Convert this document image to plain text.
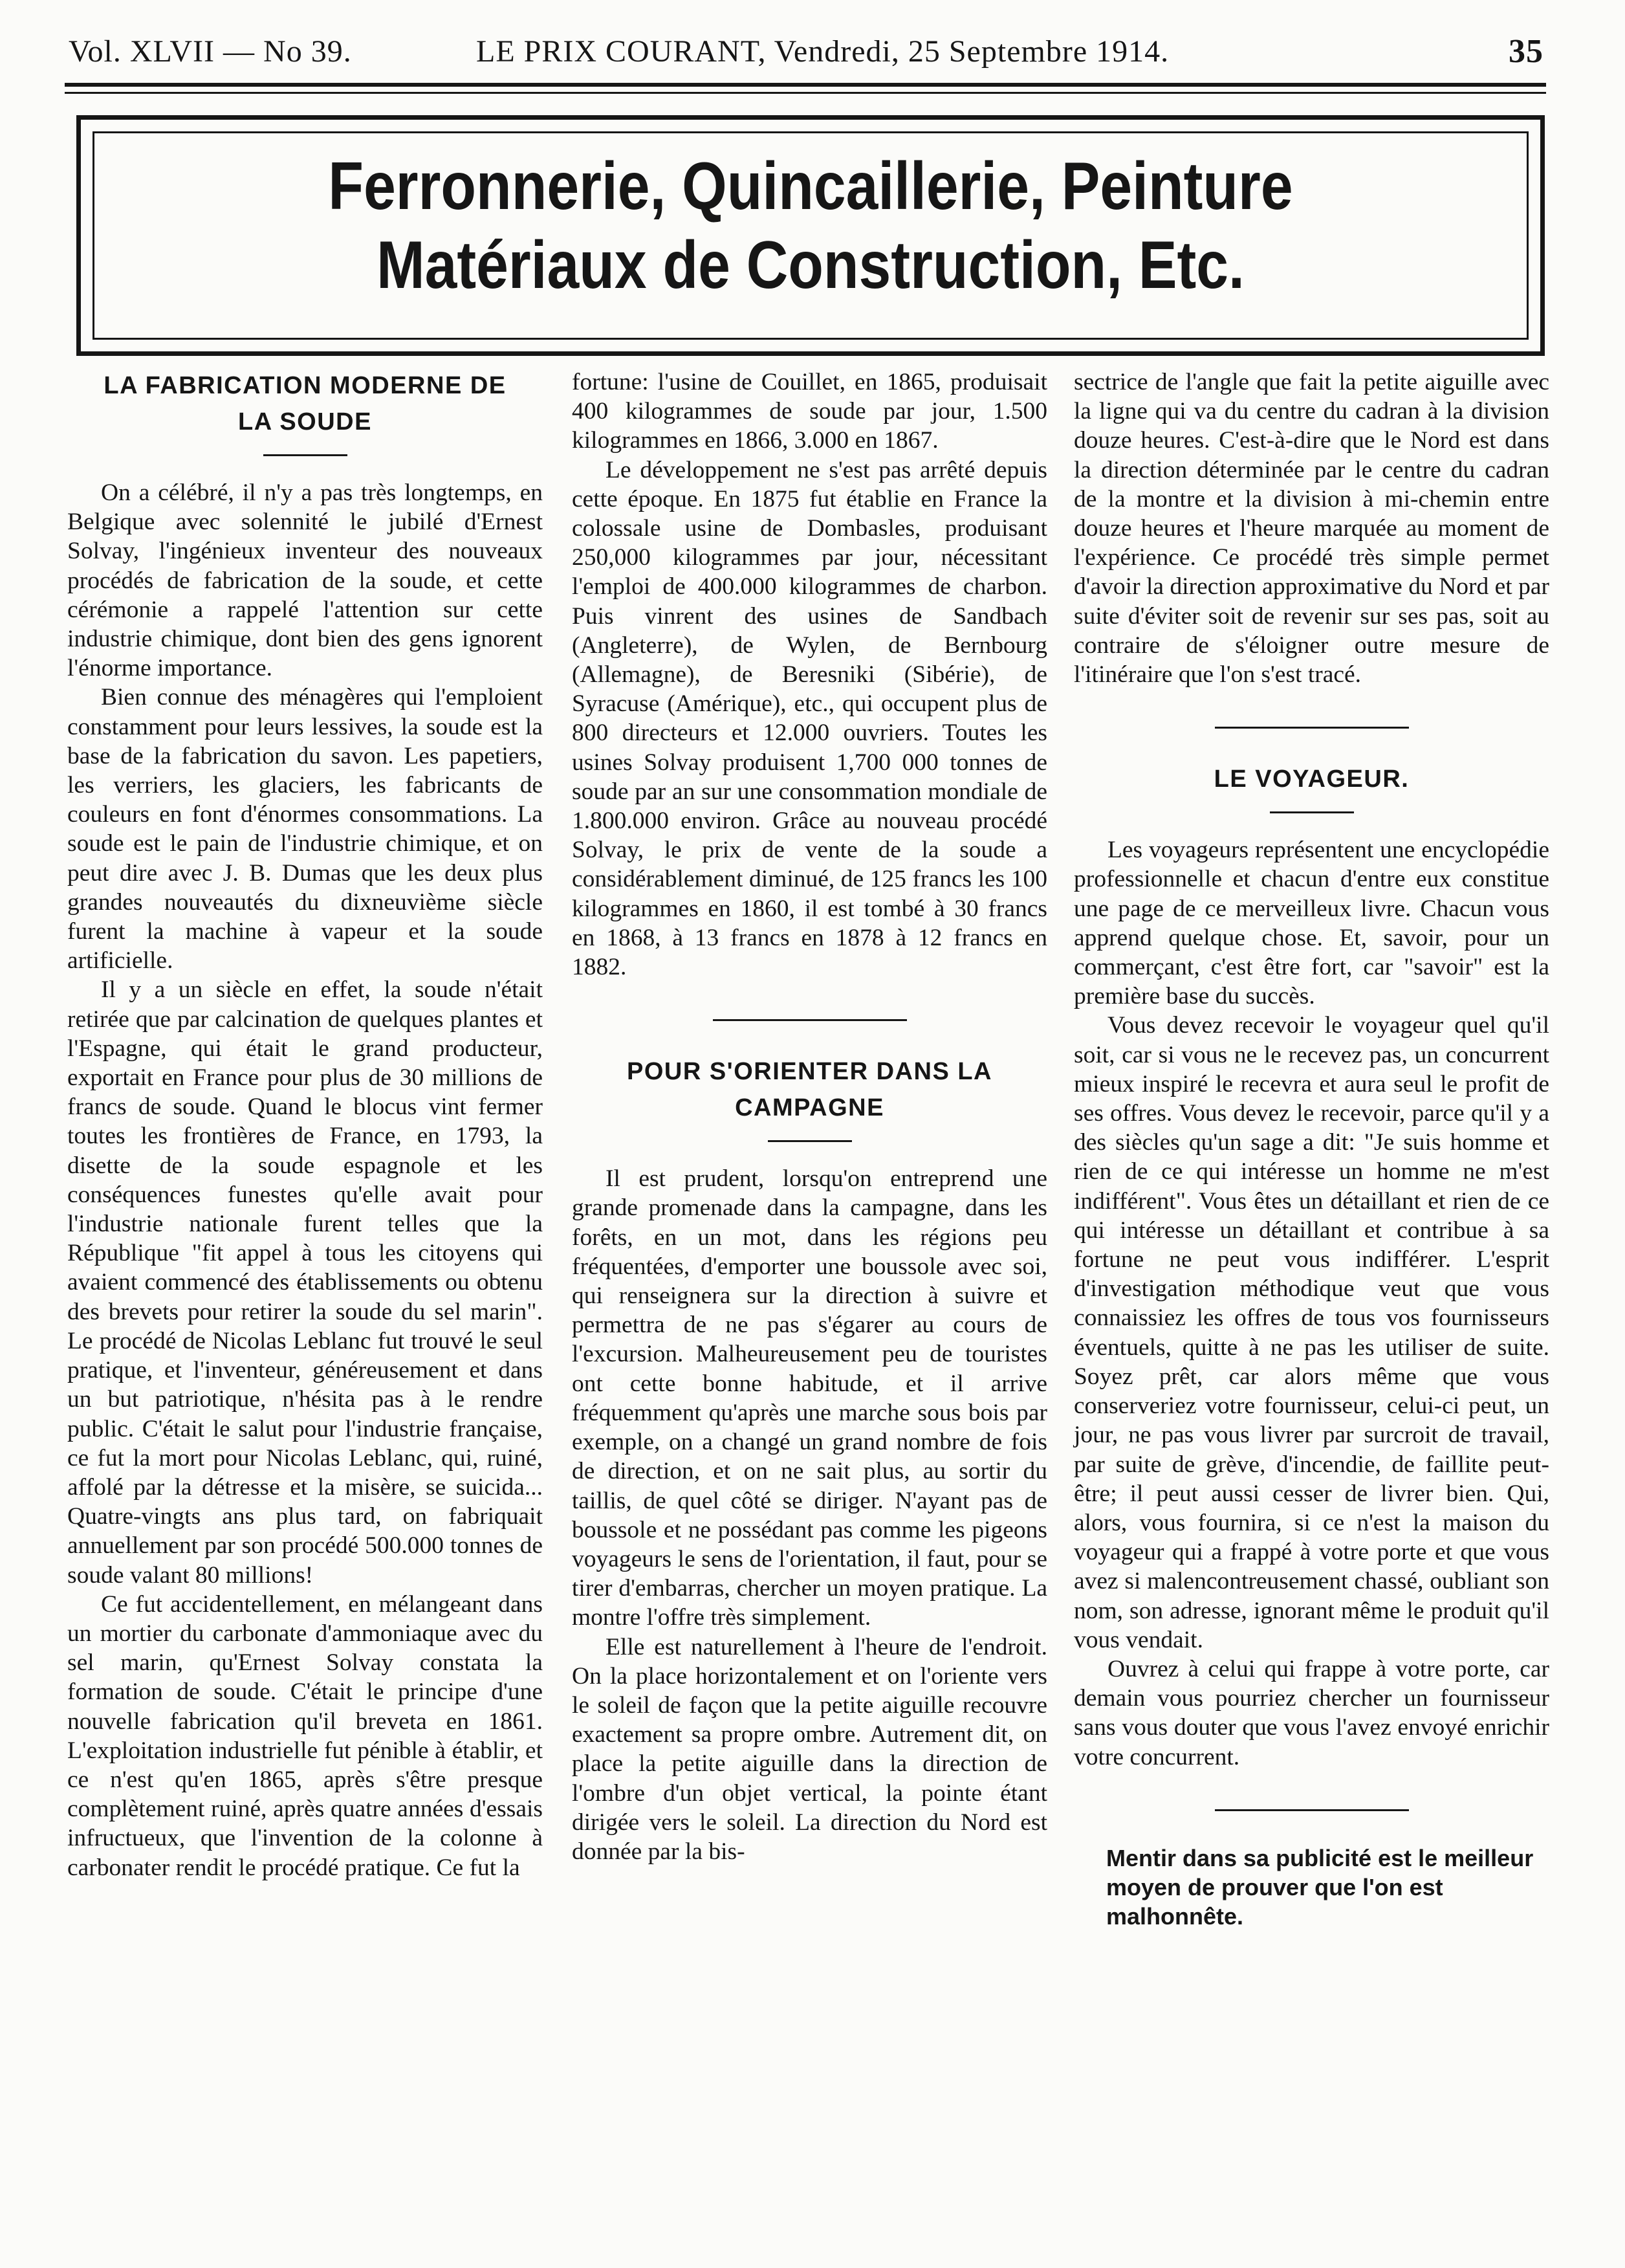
Vol. XLVII — No 39.	LE PRIX COURANT, Vendredi, 25 Septembre 1914.	35
Ferronnerie, Quincaillerie, Peinture
Matériaux de Construction, Etc.
LA FABRICATION MODERNE DE
LA SOUDE

On a célébré, il n'y a pas très longtemps, en Belgique avec solennité le jubilé d'Ernest Solvay, l'ingénieux inventeur des nouveaux procédés de fabrication de la soude, et cette cérémonie a rappelé l'attention sur cette industrie chimique, dont bien des gens ignorent l'énorme importance.

Bien connue des ménagères qui l'emploient constamment pour leurs lessives, la soude est la base de la fabrication du savon. Les papetiers, les verriers, les glaciers, les fabricants de couleurs en font d'énormes consommations. La soude est le pain de l'industrie chimique, et on peut dire avec J. B. Dumas que les deux plus grandes nouveautés du dixneuvième siècle furent la machine à vapeur et la soude artificielle.

Il y a un siècle en effet, la soude n'était retirée que par calcination de quelques plantes et l'Espagne, qui était le grand producteur, exportait en France pour plus de 30 millions de francs de soude. Quand le blocus vint fermer toutes les frontières de France, en 1793, la disette de la soude espagnole et les conséquences funestes qu'elle avait pour l'industrie nationale furent telles que la République "fit appel à tous les citoyens qui avaient commencé des établissements ou obtenu des brevets pour retirer la soude du sel marin". Le procédé de Nicolas Leblanc fut trouvé le seul pratique, et l'inventeur, généreusement et dans un but patriotique, n'hésita pas à le rendre public. C'était le salut pour l'industrie française, ce fut la mort pour Nicolas Leblanc, qui, ruiné, affolé par la détresse et la misère, se suicida... Quatre-vingts ans plus tard, on fabriquait annuellement par son procédé 500.000 tonnes de soude valant 80 millions!

Ce fut accidentellement, en mélangeant dans un mortier du carbonate d'ammoniaque avec du sel marin, qu'Ernest Solvay constata la formation de soude. C'était le principe d'une nouvelle fabrication qu'il breveta en 1861. L'exploitation industrielle fut pénible à établir, et ce n'est qu'en 1865, après s'être presque complètement ruiné, après quatre années d'essais infructueux, que l'invention de la colonne à carbonater rendit le procédé pratique. Ce fut la

fortune: l'usine de Couillet, en 1865, produisait 400 kilogrammes de soude par jour, 1.500 kilogrammes en 1866, 3.000 en 1867.

Le développement ne s'est pas arrêté depuis cette époque. En 1875 fut établie en France la colossale usine de Dombasles, produisant 250,000 kilogrammes par jour, nécessitant l'emploi de 400.000 kilogrammes de charbon. Puis vinrent des usines de Sandbach (Angleterre), de Wylen, de Bernbourg (Allemagne), de Beresniki (Sibérie), de Syracuse (Amérique), etc., qui occupent plus de 800 directeurs et 12.000 ouvriers. Toutes les usines Solvay produisent 1,700 000 tonnes de soude par an sur une consommation mondiale de 1.800.000 environ. Grâce au nouveau procédé Solvay, le prix de vente de la soude a considérablement diminué, de 125 francs les 100 kilogrammes en 1860, il est tombé à 30 francs en 1868, à 13 francs en 1878 à 12 francs en 1882.

POUR S'ORIENTER DANS LA
CAMPAGNE

Il est prudent, lorsqu'on entreprend une grande promenade dans la campagne, dans les forêts, en un mot, dans les régions peu fréquentées, d'emporter une boussole avec soi, qui renseignera sur la direction à suivre et permettra de ne pas s'égarer au cours de l'excursion. Malheureusement peu de touristes ont cette bonne habitude, et il arrive fréquemment qu'après une marche sous bois par exemple, on a changé un grand nombre de fois de direction, et on ne sait plus, au sortir du taillis, de quel côté se diriger. N'ayant pas de boussole et ne possédant pas comme les pigeons voyageurs le sens de l'orientation, il faut, pour se tirer d'embarras, chercher un moyen pratique. La montre l'offre très simplement.

Elle est naturellement à l'heure de l'endroit. On la place horizontalement et on l'oriente vers le soleil de façon que la petite aiguille recouvre exactement sa propre ombre. Autrement dit, on place la petite aiguille dans la direction de l'ombre d'un objet vertical, la pointe étant dirigée vers le soleil. La direction du Nord est donnée par la bis-

sectrice de l'angle que fait la petite aiguille avec la ligne qui va du centre du cadran à la division douze heures. C'est-à-dire que le Nord est dans la direction déterminée par le centre du cadran de la montre et la division à mi-chemin entre douze heures et l'heure marquée au moment de l'expérience. Ce procédé très simple permet d'avoir la direction approximative du Nord et par suite d'éviter soit de revenir sur ses pas, soit au contraire de s'éloigner outre mesure de l'itinéraire que l'on s'est tracé.

LE VOYAGEUR.

Les voyageurs représentent une encyclopédie professionnelle et chacun d'entre eux constitue une page de ce merveilleux livre. Chacun vous apprend quelque chose. Et, savoir, pour un commerçant, c'est être fort, car "savoir" est la première base du succès.

Vous devez recevoir le voyageur quel qu'il soit, car si vous ne le recevez pas, un concurrent mieux inspiré le recevra et aura seul le profit de ses offres. Vous devez le recevoir, parce qu'il y a des siècles qu'un sage a dit: "Je suis homme et rien de ce qui intéresse un homme ne m'est indifférent". Vous êtes un détaillant et rien de ce qui intéresse un détaillant et contribue à sa fortune ne peut vous indifférer. L'esprit d'investigation méthodique veut que vous connaissiez les offres de tous vos fournisseurs éventuels, quitte à ne pas les utiliser de suite. Soyez prêt, car alors même que vous conserveriez votre fournisseur, celui-ci peut, un jour, ne pas vous livrer par surcroit de travail, par suite de grève, d'incendie, de faillite peut-être; il peut aussi cesser de livrer bien. Qui, alors, vous fournira, si ce n'est la maison du voyageur qui a frappé à votre porte et que vous avez si malencontreusement chassé, oubliant son nom, son adresse, ignorant même le produit qu'il vous vendait.

Ouvrez à celui qui frappe à votre porte, car demain vous pourriez chercher un fournisseur sans vous douter que vous l'avez envoyé enrichir votre concurrent.

Mentir dans sa publicité est le meilleur moyen de prouver que l'on est malhonnête.
